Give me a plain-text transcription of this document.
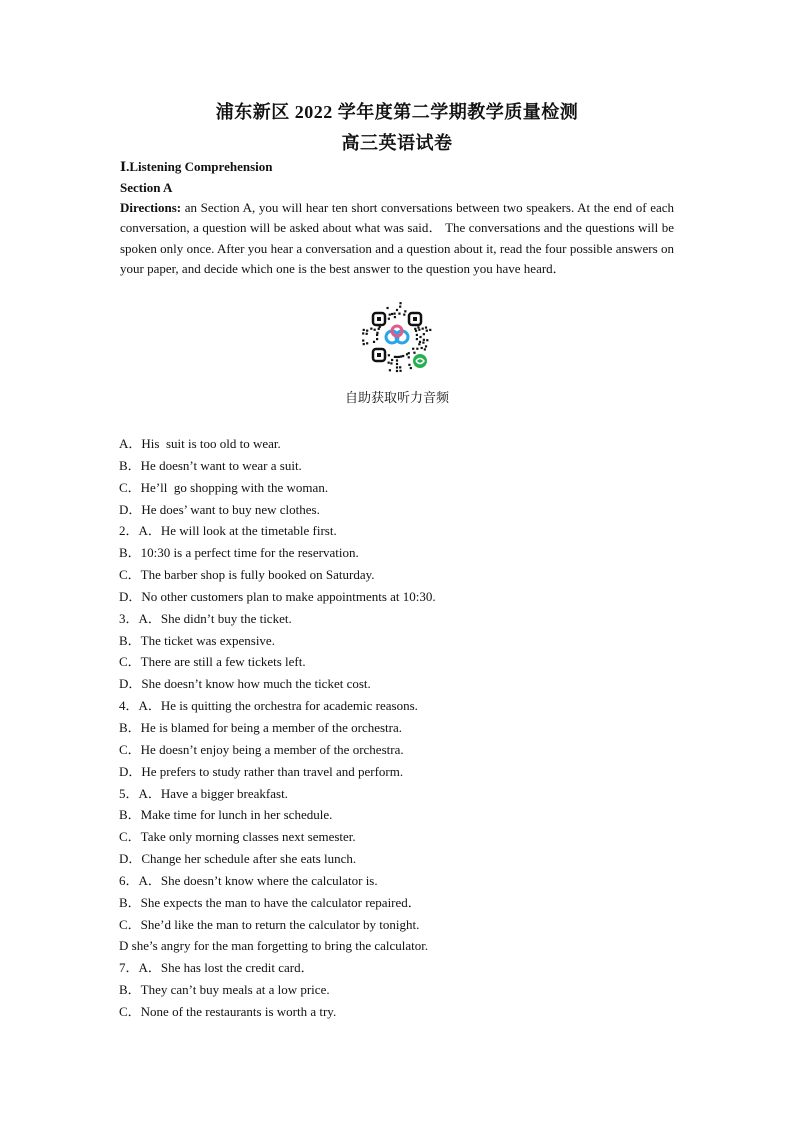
浦东新区 2022 学年度第二学期教学质量检测
高三英语试卷
Ⅰ.Listening Comprehension
Section A
Directions: an Section A, you will hear ten short conversations between two speakers. At the end of each conversation, a question will be asked about what was said． The conversations and the questions will be spoken only once. After you hear a conversation and a question about it, read the four possible answers on your paper, and decide which one is the best answer to the question you have heard．
自助获取听力音频
A．His  suit is too old to wear.
B．He doesn’t want to wear a suit.
C．He’ll  go shopping with the woman.
D．He does’ want to buy new clothes.
2．A．He will look at the timetable first.
B．10:30 is a perfect time for the reservation.
C．The barber shop is fully booked on Saturday.
D．No other customers plan to make appointments at 10:30.
3．A．She didn’t buy the ticket.
B．The ticket was expensive.
C．There are still a few tickets left.
D．She doesn’t know how much the ticket cost.
4．A．He is quitting the orchestra for academic reasons.
B．He is blamed for being a member of the orchestra.
C．He doesn’t enjoy being a member of the orchestra.
D．He prefers to study rather than travel and perform.
5．A．Have a bigger breakfast.
B．Make time for lunch in her schedule.
C．Take only morning classes next semester.
D．Change her schedule after she eats lunch.
6．A．She doesn’t know where the calculator is.
B．She expects the man to have the calculator repaired．
C．She’d like the man to return the calculator by tonight.
D she’s angry for the man forgetting to bring the calculator.
7．A．She has lost the credit card．
B．They can’t buy meals at a low price.
C．None of the restaurants is worth a try.
